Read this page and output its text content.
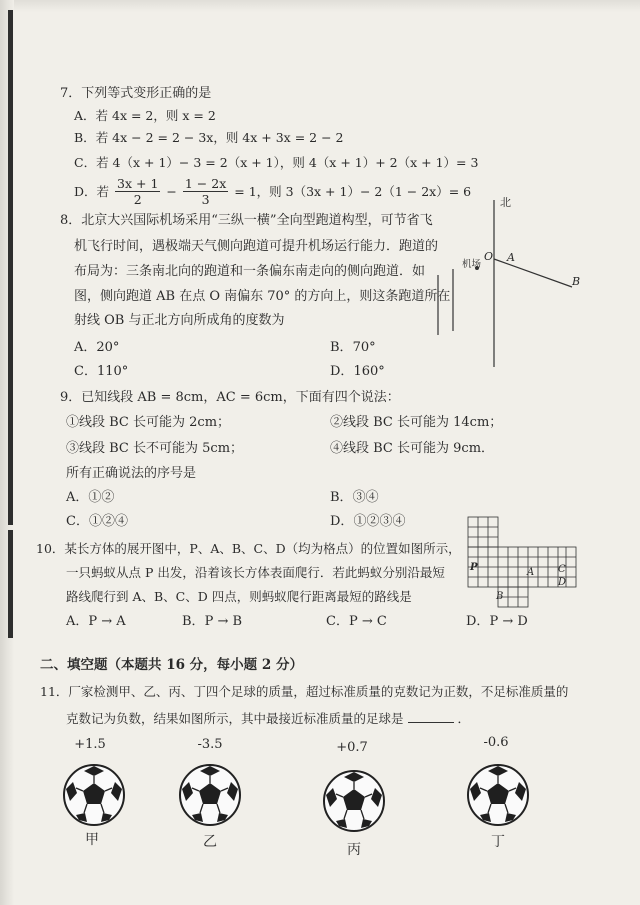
7．下列等式变形正确的是
A．若 4x = 2，则 x = 2
B．若 4x − 2 = 2 − 3x，则 4x + 3x = 2 − 2
C．若 4（x + 1）− 3 = 2（x + 1），则 4（x + 1）+ 2（x + 1）= 3
D．若 $\frac{3x + 1}{2} - \frac{1 - 2x}{3} = 1$，则 3（3x + 1）− 2（1 − 2x）= 6
8．北京大兴国际机场采用“三纵一横”全向型跑道构型，可节省飞
机飞行时间，遇极端天气侧向跑道可提升机场运行能力．跑道的
布局为：三条南北向的跑道和一条偏东南走向的侧向跑道．如
图，侧向跑道 AB 在点 O 南偏东 70° 的方向上，则这条跑道所在
射线 OB 与正北方向所成角的度数为
A．20°	B．70°
C．110°	D．160°
北
O A
B
机场
9．已知线段 AB = 8cm，AC = 6cm，下面有四个说法：
①线段 BC 长可能为 2cm；	②线段 BC 长可能为 14cm；
③线段 BC 长不可能为 5cm；	④线段 BC 长可能为 9cm．
所有正确说法的序号是
A．①②	B．③④
C．①②④	D．①②③④
10．某长方体的展开图中，P、A、B、C、D（均为格点）的位置如图所示，
一只蚂蚁从点 P 出发，沿着该长方体表面爬行．若此蚂蚁分别沿最短
路线爬行到 A、B、C、D 四点，则蚂蚁爬行距离最短的路线是
A．P → A	B．P → B	C．P → C	D．P → D
P	A C
D
B
二、填空题（本题共 16 分，每小题 2 分）
11．厂家检测甲、乙、丙、丁四个足球的质量，超过标准质量的克数记为正数，不足标准质量的
克数记为负数，结果如图所示，其中最接近标准质量的足球是	．
+1.5	-3.5	+0.7	-0.6
甲	乙	丙	丁
